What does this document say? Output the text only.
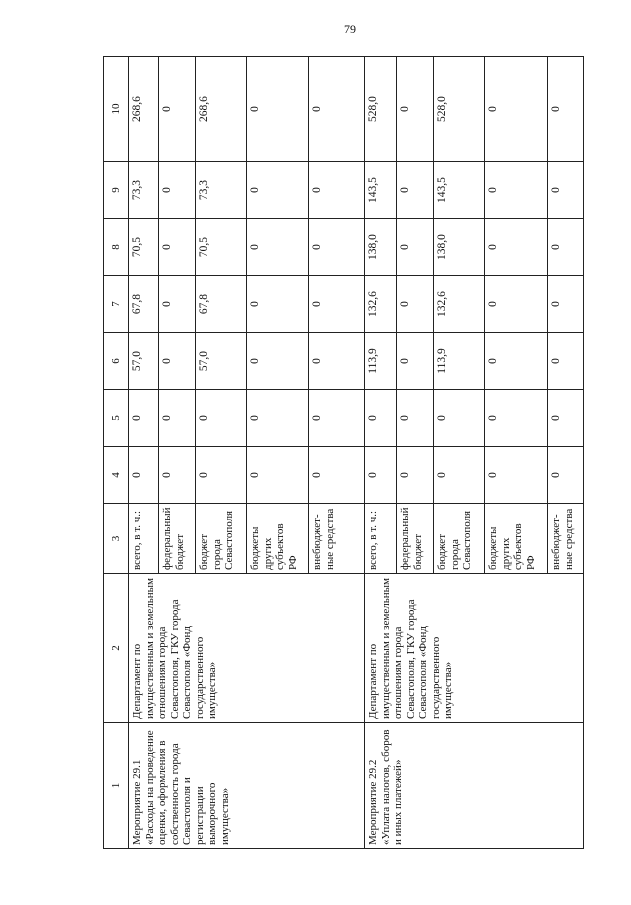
79
1	2	3	4	5	6	7	8	9	10
Мероприятие 29.1 «Расходы на проведение оценки, оформления в собственность города Севастополя и регистрации выморочного имущества»	Департамент по имущественным и земельным отношениям города Севастополя, ГКУ города Севастополя «Фонд государственного имущества»	всего, в т. ч.:	0	0	57,0	67,8	70,5	73,3	268,6
		федеральный бюджет	0	0	0	0	0	0	0
		бюджет города Севастополя	0	0	57,0	67,8	70,5	73,3	268,6
		бюджеты других субъектов РФ	0	0	0	0	0	0	0
		внебюджет-ные средства	0	0	0	0	0	0	0
Мероприятие 29.2 «Уплата налогов, сборов и иных платежей»	Департамент по имущественным и земельным отношениям города Севастополя, ГКУ города Севастополя «Фонд государственного имущества»	всего, в т. ч.:	0	0	113,9	132,6	138,0	143,5	528,0
		федеральный бюджет	0	0	0	0	0	0	0
		бюджет города Севастополя	0	0	113,9	132,6	138,0	143,5	528,0
		бюджеты других субъектов РФ	0	0	0	0	0	0	0
		внебюджет-ные средства	0	0	0	0	0	0	0
